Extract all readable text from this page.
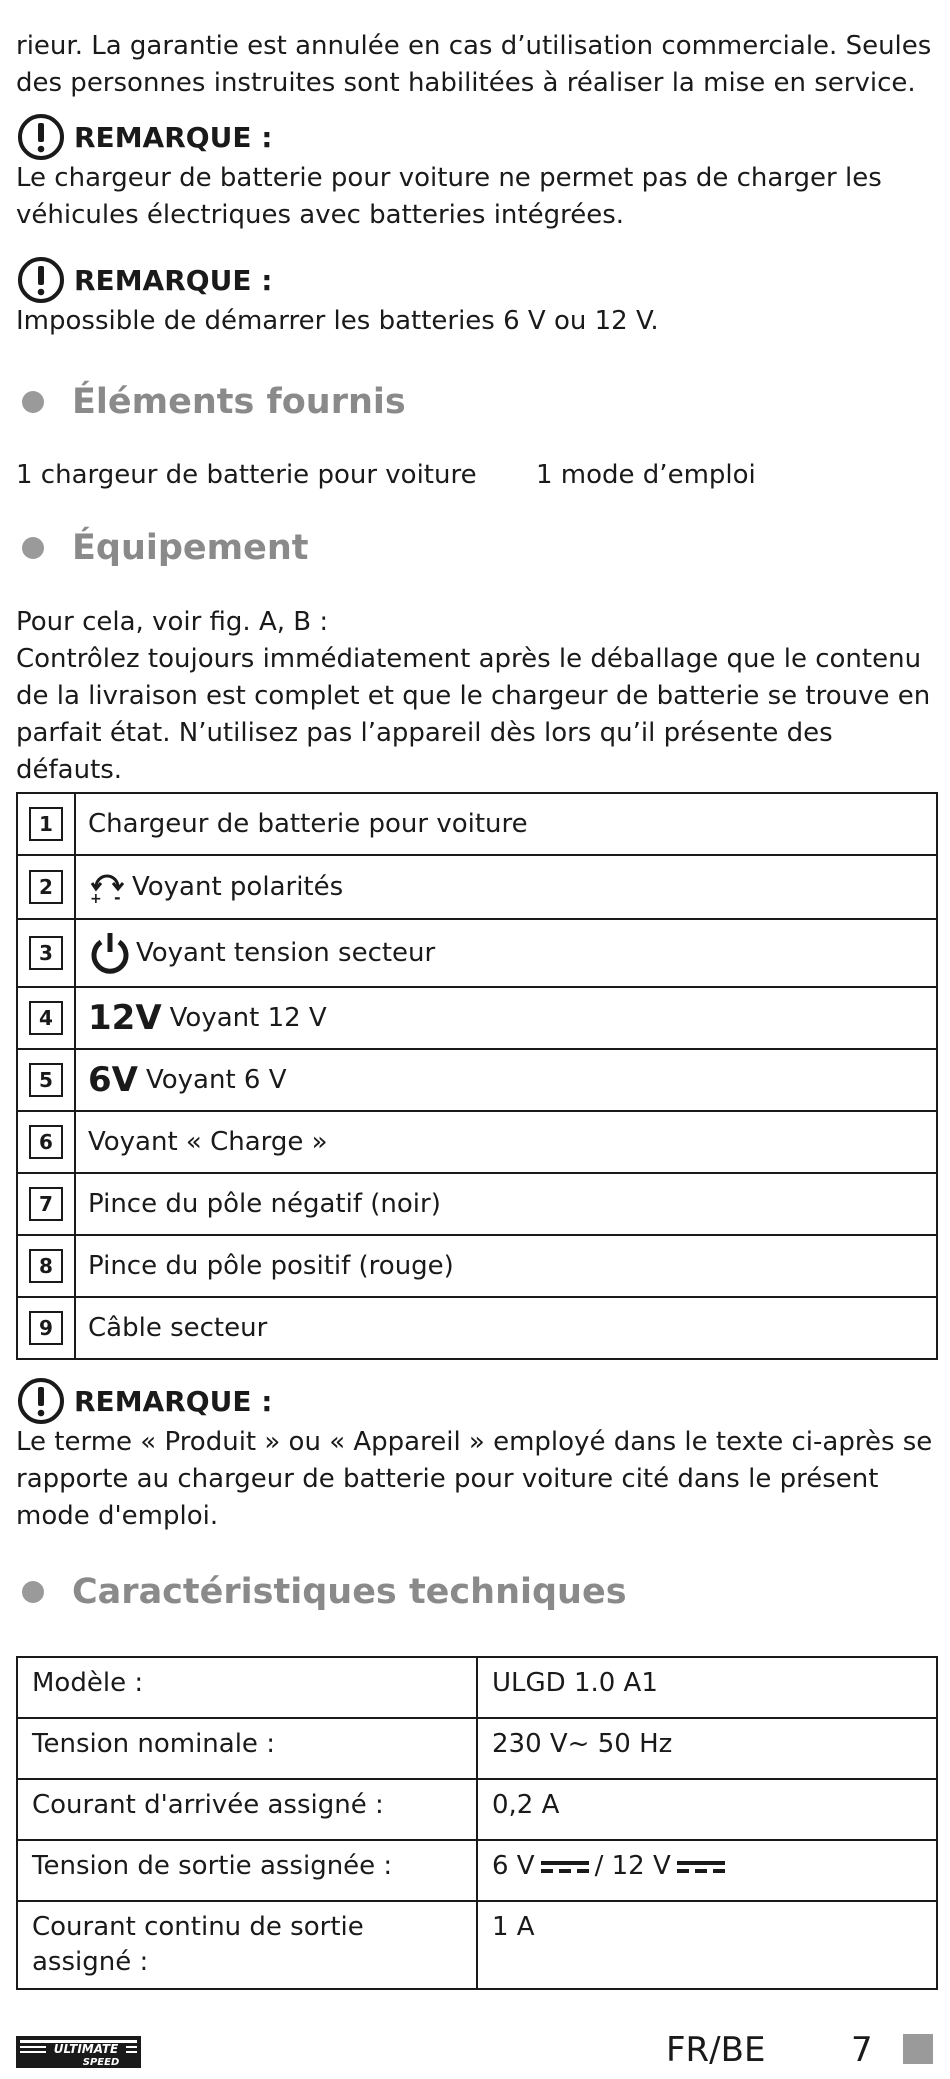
rieur. La garantie est annulée en cas d’utilisation commerciale. Seules des personnes instruites sont habilitées à réaliser la mise en service.

REMARQUE :

Le chargeur de batterie pour voiture ne permet pas de charger les véhicules électriques avec batteries intégrées.

REMARQUE :

Impossible de démarrer les batteries 6 V ou 12 V.

Éléments fournis
1 chargeur de batterie pour voiture	1 mode d’emploi
Équipement

Pour cela, voir fig. A, B :

Contrôlez toujours immédiatement après le déballage que le contenu de la livraison est complet et que le chargeur de batterie se trouve en parfait état. N’utilisez pas l’appareil dès lors qu’il présente des défauts.

1	Chargeur de batterie pour voiture
2	+ - Voyant polarités

3	Voyant tension secteur

4	12V Voyant 12 V

5	6V Voyant 6 V

6	Voyant « Charge »
7	Pince du pôle négatif (noir)
8	Pince du pôle positif (rouge)
9	Câble secteur
REMARQUE :

Le terme « Produit » ou « Appareil » employé dans le texte ci-après se rapporte au chargeur de batterie pour voiture cité dans le présent mode d'emploi.

Caractéristiques techniques
Modèle :	ULGD 1.0 A1
Tension nominale :	230 V~ 50 Hz
Courant d'arrivée assigné :	0,2 A
Tension de sortie assignée :	6 V / 12 V
Courant continu de sortie assigné :	1 A
ULTIMATE
SPEED	FR/BE	7
